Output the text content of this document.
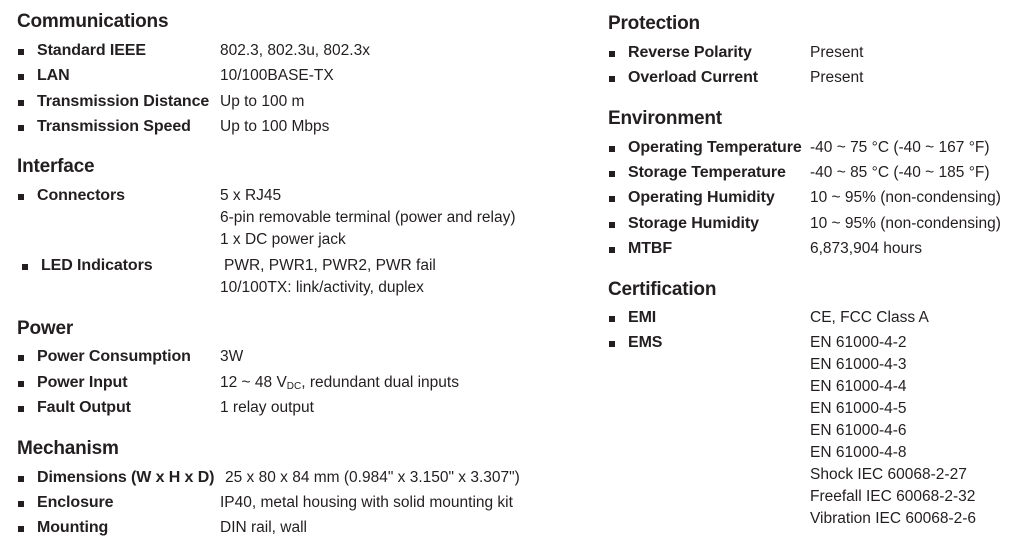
Communications
Standard IEEE	802.3, 802.3u, 802.3x
LAN	10/100BASE-TX
Transmission Distance Up to 100 m
Transmission Speed Up to 100 Mbps
Interface
Connectors	5 x RJ45
6-pin removable terminal (power and relay)
1 x DC power jack
LED Indicators	PWR, PWR1, PWR2, PWR fail
10/100TX: link/activity, duplex
Power
Power Consumption 3W
Power Input	12 ~ 48 $V_{DC}$, redundant dual inputs
Fault Output	1 relay output
Mechanism
Dimensions (W x H x D) 25 x 80 x 84 mm (0.984" x 3.150" x 3.307")
Enclosure	IP40, metal housing with solid mounting kit
Mounting	DIN rail, wall
Protection
Reverse Polarity	Present
Overload Current	Present
Environment
Operating Temperature -40 ~ 75 °C (-40 ~ 167 °F)
Storage Temperature -40 ~ 85 °C (-40 ~ 185 °F)
Operating Humidity 10 ~ 95% (non-condensing)
Storage Humidity	10 ~ 95% (non-condensing)
MTBF	6,873,904 hours
Certification
EMI	CE, FCC Class A
EMS	EN 61000-4-2
EN 61000-4-3
EN 61000-4-4
EN 61000-4-5
EN 61000-4-6
EN 61000-4-8
Shock IEC 60068-2-27
Freefall IEC 60068-2-32
Vibration IEC 60068-2-6
